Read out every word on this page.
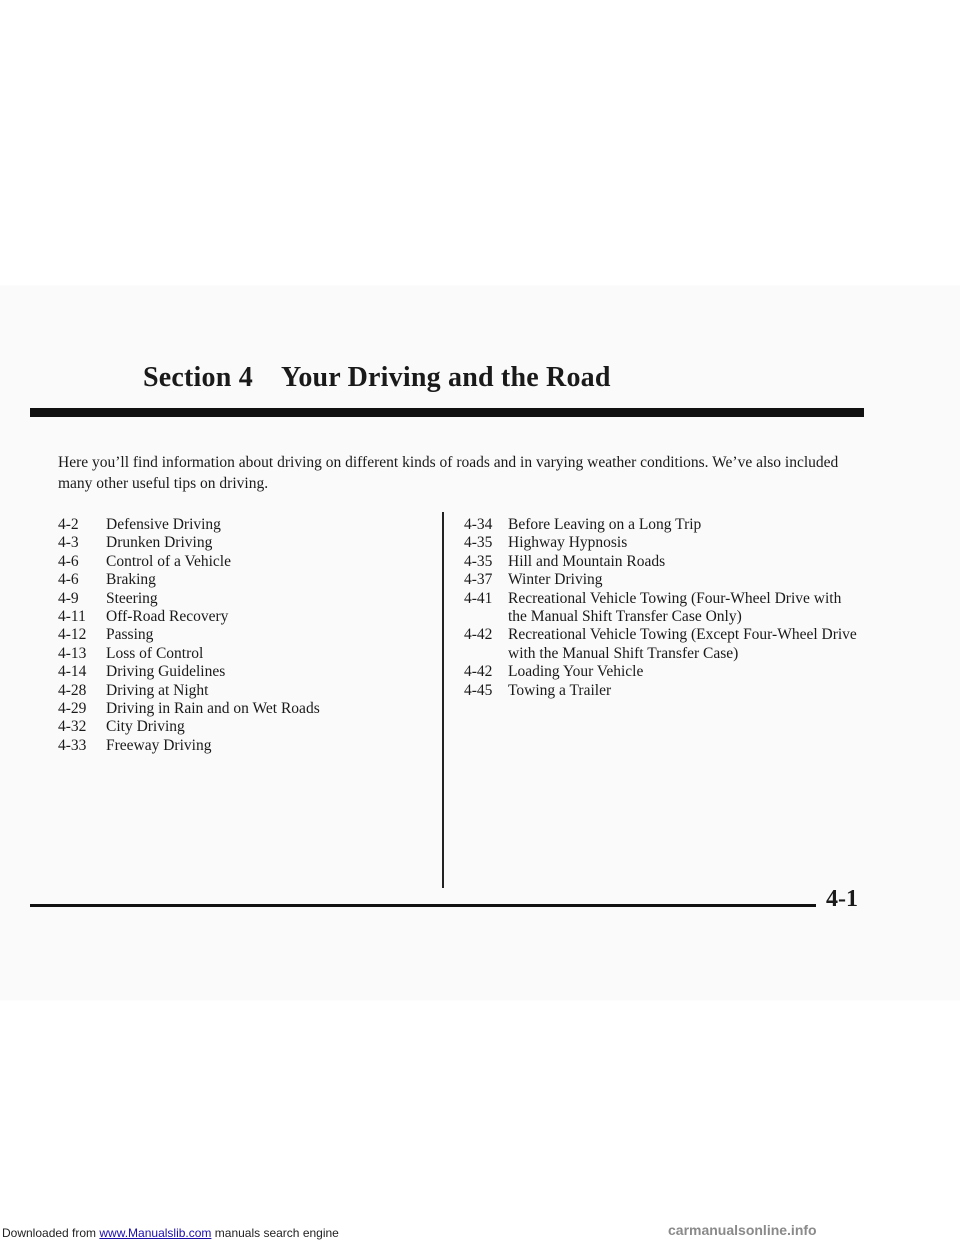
Section 4 Your Driving and the Road

Here you’ll find information about driving on different kinds of roads and in varying weather conditions. We’ve also included many other useful tips on driving.

4-2	Defensive Driving
4-3	Drunken Driving
4-6	Control of a Vehicle
4-6	Braking
4-9	Steering
4-11	Off-Road Recovery
4-12	Passing
4-13	Loss of Control
4-14	Driving Guidelines
4-28	Driving at Night
4-29	Driving in Rain and on Wet Roads
4-32	City Driving
4-33	Freeway Driving
4-34	Before Leaving on a Long Trip
4-35	Highway Hypnosis
4-35	Hill and Mountain Roads
4-37	Winter Driving
4-41	Recreational Vehicle Towing (Four-Wheel Drive with the Manual Shift Transfer Case Only)
4-42	Recreational Vehicle Towing (Except Four-Wheel Drive with the Manual Shift Transfer Case)
4-42	Loading Your Vehicle
4-45	Towing a Trailer
4-1
Downloaded from www.Manualslib.com manuals search engine	carmanualsonline.info
